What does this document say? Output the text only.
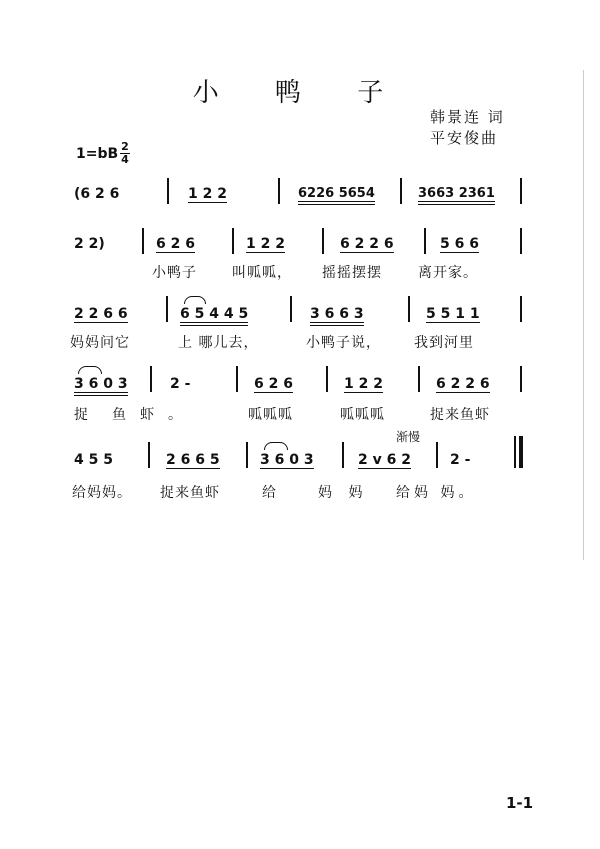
小 鸭 子
韩景连 词
平安俊曲
1=bB 2
4
(6 2 6	1 2 2	6226 5654	3663 2361
2 2)	6 2 6	1 2 2	6 2 2 6	5 6 6
小鸭子	叫呱呱， 摇摇摆摆	离开家。
2 2 6 6	6 5 4 4 5	3 6 6 3	5 5 1 1
妈妈问它	上 哪儿去，	小鸭子说， 我到河里
3 6 0 3	2 -	6 2 6	1 2 2	6 2 2 6
捉 鱼虾。	呱呱呱	呱呱呱	捉来鱼虾
渐慢
4 5 5	2 6 6 5	3 6 0 3	2 v 6 2	2 -
给妈妈。 捉来鱼虾	给	妈 妈 给妈 妈。
1-1
